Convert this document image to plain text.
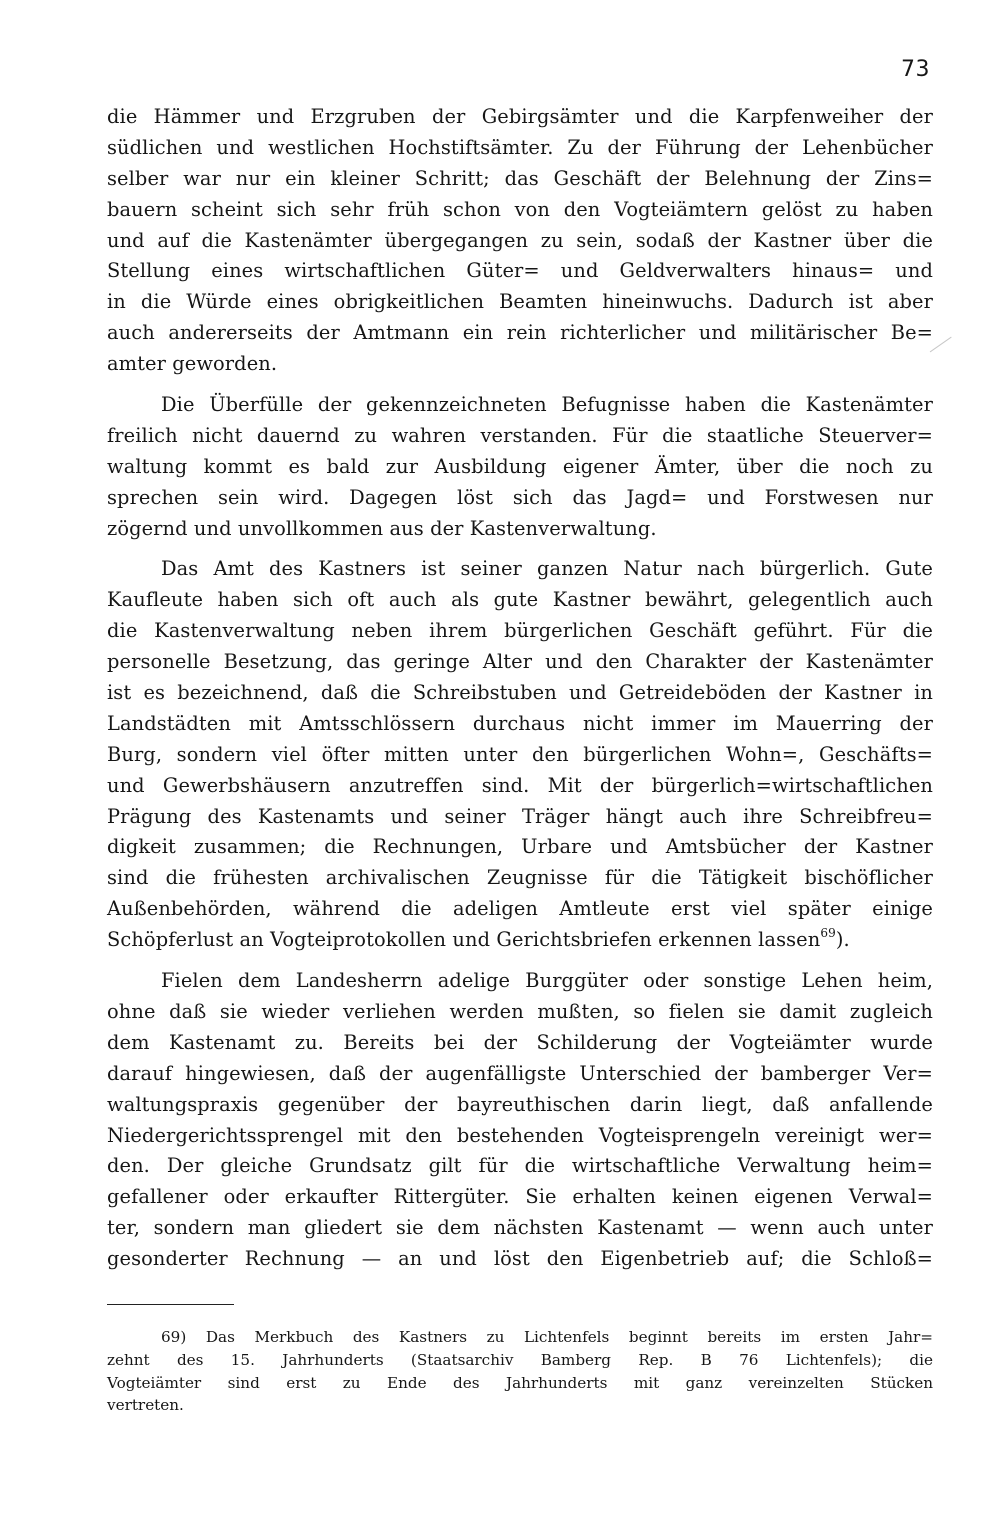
73
die Hämmer und Erzgruben der Gebirgsämter und die Karpfenweiher der
südlichen und westlichen Hochstiftsämter. Zu der Führung der Lehenbücher
selber war nur ein kleiner Schritt; das Geschäft der Belehnung der Zins=
bauern scheint sich sehr früh schon von den Vogteiämtern gelöst zu haben
und auf die Kastenämter übergegangen zu sein, sodaß der Kastner über die
Stellung eines wirtschaftlichen Güter= und Geldverwalters hinaus= und
in die Würde eines obrigkeitlichen Beamten hineinwuchs. Dadurch ist aber
auch andererseits der Amtmann ein rein richterlicher und militärischer Be=
amter geworden.
Die Überfülle der gekennzeichneten Befugnisse haben die Kastenämter
freilich nicht dauernd zu wahren verstanden. Für die staatliche Steuerver=
waltung kommt es bald zur Ausbildung eigener Ämter, über die noch zu
sprechen sein wird. Dagegen löst sich das Jagd= und Forstwesen nur
zögernd und unvollkommen aus der Kastenverwaltung.
Das Amt des Kastners ist seiner ganzen Natur nach bürgerlich. Gute
Kaufleute haben sich oft auch als gute Kastner bewährt, gelegentlich auch
die Kastenverwaltung neben ihrem bürgerlichen Geschäft geführt. Für die
personelle Besetzung, das geringe Alter und den Charakter der Kastenämter
ist es bezeichnend, daß die Schreibstuben und Getreideböden der Kastner in
Landstädten mit Amtsschlössern durchaus nicht immer im Mauerring der
Burg, sondern viel öfter mitten unter den bürgerlichen Wohn=, Geschäfts=
und Gewerbshäusern anzutreffen sind. Mit der bürgerlich=wirtschaftlichen
Prägung des Kastenamts und seiner Träger hängt auch ihre Schreibfreu=
digkeit zusammen; die Rechnungen, Urbare und Amtsbücher der Kastner
sind die frühesten archivalischen Zeugnisse für die Tätigkeit bischöflicher
Außenbehörden, während die adeligen Amtleute erst viel später einige
Schöpferlust an Vogteiprotokollen und Gerichtsbriefen erkennen lassen$^{69}$).
Fielen dem Landesherrn adelige Burggüter oder sonstige Lehen heim,
ohne daß sie wieder verliehen werden mußten, so fielen sie damit zugleich
dem Kastenamt zu. Bereits bei der Schilderung der Vogteiämter wurde
darauf hingewiesen, daß der augenfälligste Unterschied der bamberger Ver=
waltungspraxis gegenüber der bayreuthischen darin liegt, daß anfallende
Niedergerichtssprengel mit den bestehenden Vogteisprengeln vereinigt wer=
den. Der gleiche Grundsatz gilt für die wirtschaftliche Verwaltung heim=
gefallener oder erkaufter Rittergüter. Sie erhalten keinen eigenen Verwal=
ter, sondern man gliedert sie dem nächsten Kastenamt — wenn auch unter
gesonderter Rechnung — an und löst den Eigenbetrieb auf; die Schloß=
69) Das Merkbuch des Kastners zu Lichtenfels beginnt bereits im ersten Jahr=
zehnt des 15. Jahrhunderts (Staatsarchiv Bamberg Rep. B 76 Lichtenfels); die
Vogteiämter sind erst zu Ende des Jahrhunderts mit ganz vereinzelten Stücken
vertreten.
